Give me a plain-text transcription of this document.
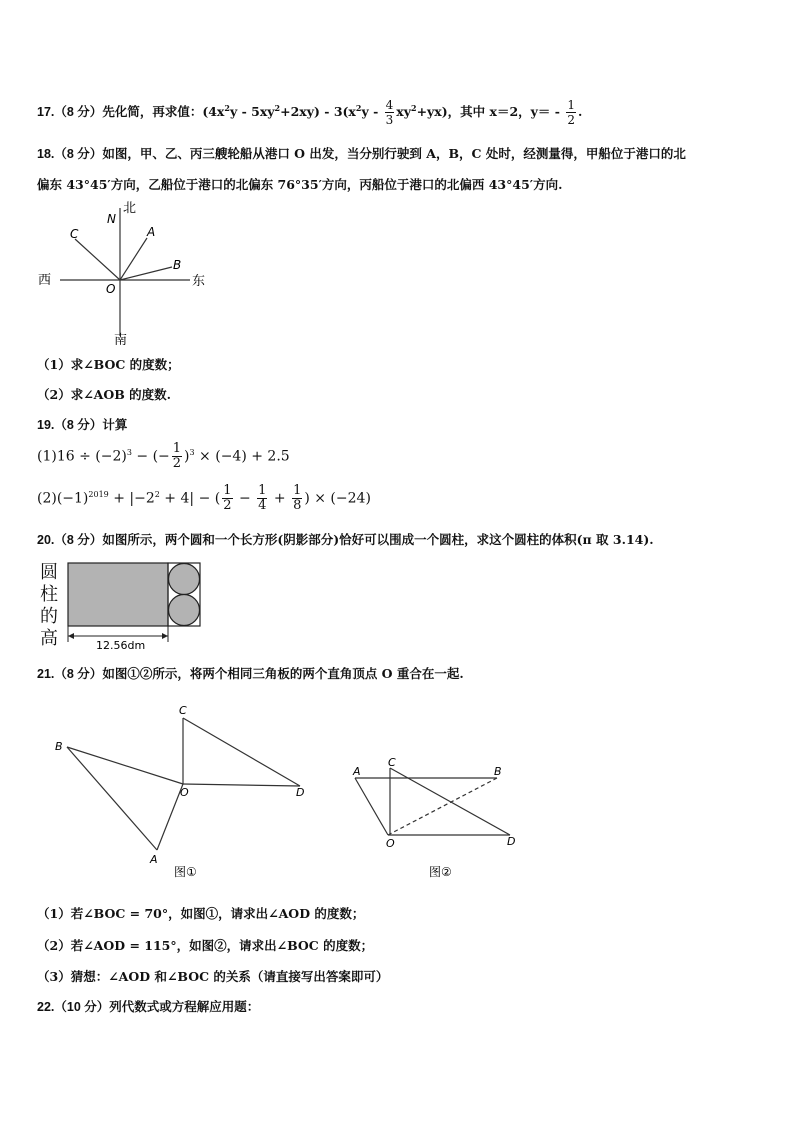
17.（8 分）先化简，再求值：$(4x^2y - 5xy^2+2xy) - 3(x^2y - \frac{4}{3} xy^2+yx)$，其中 x＝2，$y= - \frac{1}{2}$ .
18.（8 分）如图，甲、乙、丙三艘轮船从港口 O 出发，当分别行驶到 A，B，C 处时，经测量得，甲船位于港口的北
偏东 43°45′方向，乙船位于港口的北偏东 76°35′方向，丙船位于港口的北偏西 43°45′方向.
北
N
C	A
B
西
O	东
南
（1）求∠BOC 的度数；
（2）求∠AOB 的度数.
19.（8 分）计算
$(1)16 \div (-2)^3$ − (− $\frac{1}{2} )^3 \times (-4) + 2.5$
$(2)(-1)^{2019} + |-2^2 + 4|$ − ( $\frac{1}{2} - \frac{1}{4} + \frac{1}{8}$ ) × (−24)
20.（8 分）如图所示，两个圆和一个长方形(阴影部分)恰好可以围成一个圆柱，求这个圆柱的体积(π 取 3.14).
圆
柱
的
高	12.56dm
21.（8 分）如图①②所示，将两个相同三角板的两个直角顶点 O 重合在一起.
C
B
O	D
A
图①
A
C
B
O	D
图②
（1）若∠BOC = 70°，如图①，请求出∠AOD 的度数；
（2）若∠AOD = 115°，如图②，请求出∠BOC 的度数；
（3）猜想：∠AOD 和∠BOC 的关系（请直接写出答案即可）
22.（10 分）列代数式或方程解应用题：
